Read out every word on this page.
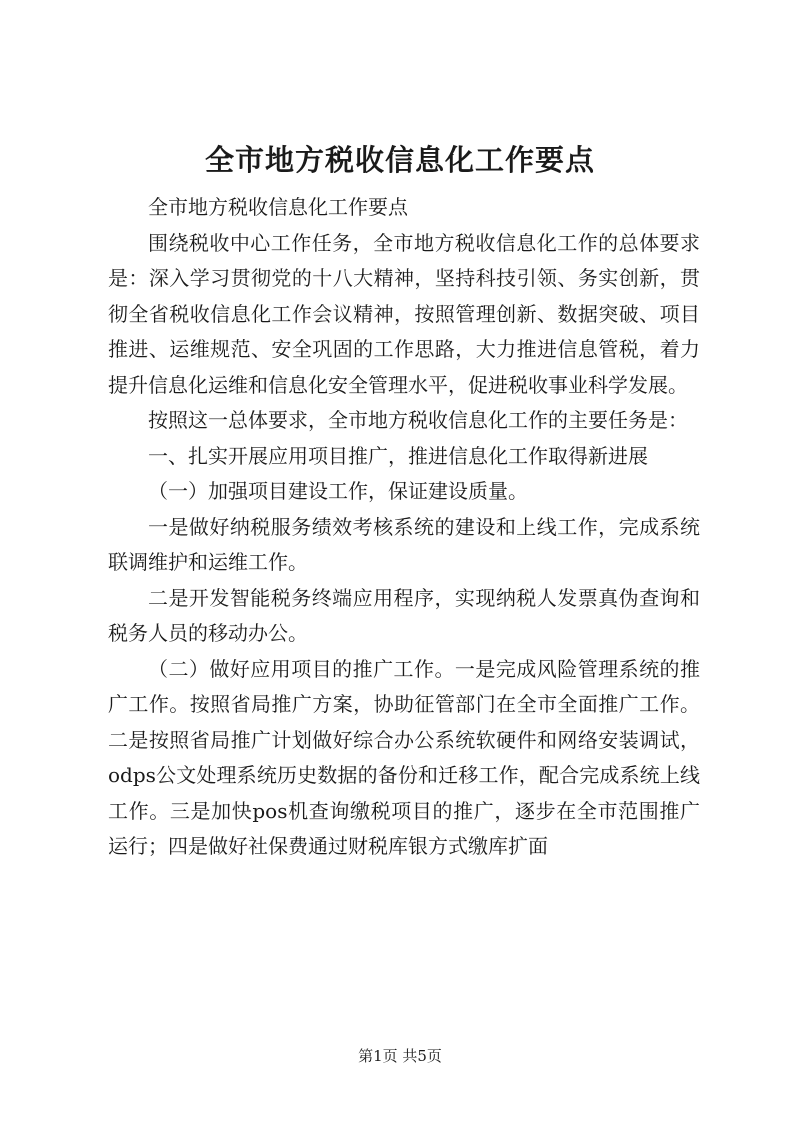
全市地方税收信息化工作要点

全市地方税收信息化工作要点

围绕税收中心工作任务，全市地方税收信息化工作的总体要求是：深入学习贯彻党的十八大精神，坚持科技引领、务实创新，贯彻全省税收信息化工作会议精神，按照管理创新、数据突破、项目推进、运维规范、安全巩固的工作思路，大力推进信息管税，着力提升信息化运维和信息化安全管理水平，促进税收事业科学发展。

按照这一总体要求，全市地方税收信息化工作的主要任务是：

一、扎实开展应用项目推广，推进信息化工作取得新进展

（一）加强项目建设工作，保证建设质量。

一是做好纳税服务绩效考核系统的建设和上线工作，完成系统联调维护和运维工作。

二是开发智能税务终端应用程序，实现纳税人发票真伪查询和税务人员的移动办公。

（二）做好应用项目的推广工作。一是完成风险管理系统的推广工作。按照省局推广方案，协助征管部门在全市全面推广工作。二是按照省局推广计划做好综合办公系统软硬件和网络安装调试，odps公文处理系统历史数据的备份和迁移工作，配合完成系统上线工作。三是加快pos机查询缴税项目的推广，逐步在全市范围推广运行；四是做好社保费通过财税库银方式缴库扩面

第1页 共5页
